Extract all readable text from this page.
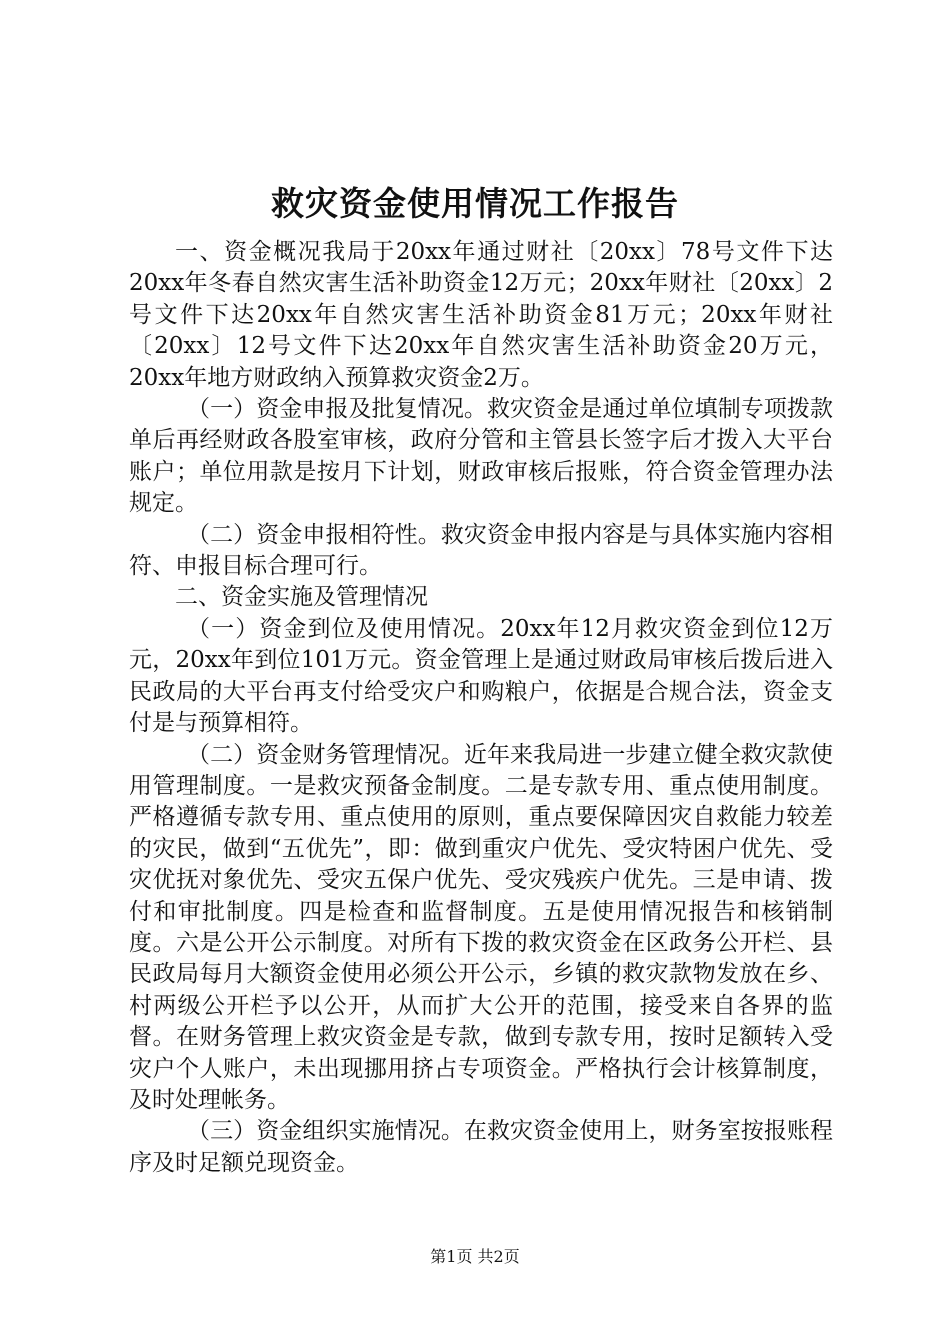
救灾资金使用情况工作报告

一、资金概况我局于20xx年通过财社〔20xx〕78号文件下达20xx年冬春自然灾害生活补助资金12万元；20xx年财社〔20xx〕2号文件下达20xx年自然灾害生活补助资金81万元；20xx年财社〔20xx〕12号文件下达20xx年自然灾害生活补助资金20万元，20xx年地方财政纳入预算救灾资金2万。

（一）资金申报及批复情况。救灾资金是通过单位填制专项拨款单后再经财政各股室审核，政府分管和主管县长签字后才拨入大平台账户；单位用款是按月下计划，财政审核后报账，符合资金管理办法规定。

（二）资金申报相符性。救灾资金申报内容是与具体实施内容相符、申报目标合理可行。

二、资金实施及管理情况

（一）资金到位及使用情况。20xx年12月救灾资金到位12万元，20xx年到位101万元。资金管理上是通过财政局审核后拨后进入民政局的大平台再支付给受灾户和购粮户，依据是合规合法，资金支付是与预算相符。

（二）资金财务管理情况。近年来我局进一步建立健全救灾款使用管理制度。一是救灾预备金制度。二是专款专用、重点使用制度。严格遵循专款专用、重点使用的原则，重点要保障因灾自救能力较差的灾民，做到“五优先”，即：做到重灾户优先、受灾特困户优先、受灾优抚对象优先、受灾五保户优先、受灾残疾户优先。三是申请、拨付和审批制度。四是检查和监督制度。五是使用情况报告和核销制度。六是公开公示制度。对所有下拨的救灾资金在区政务公开栏、县民政局每月大额资金使用必须公开公示，乡镇的救灾款物发放在乡、村两级公开栏予以公开，从而扩大公开的范围，接受来自各界的监督。在财务管理上救灾资金是专款，做到专款专用，按时足额转入受灾户个人账户，未出现挪用挤占专项资金。严格执行会计核算制度，及时处理帐务。

（三）资金组织实施情况。在救灾资金使用上，财务室按报账程序及时足额兑现资金。

第1页 共2页
